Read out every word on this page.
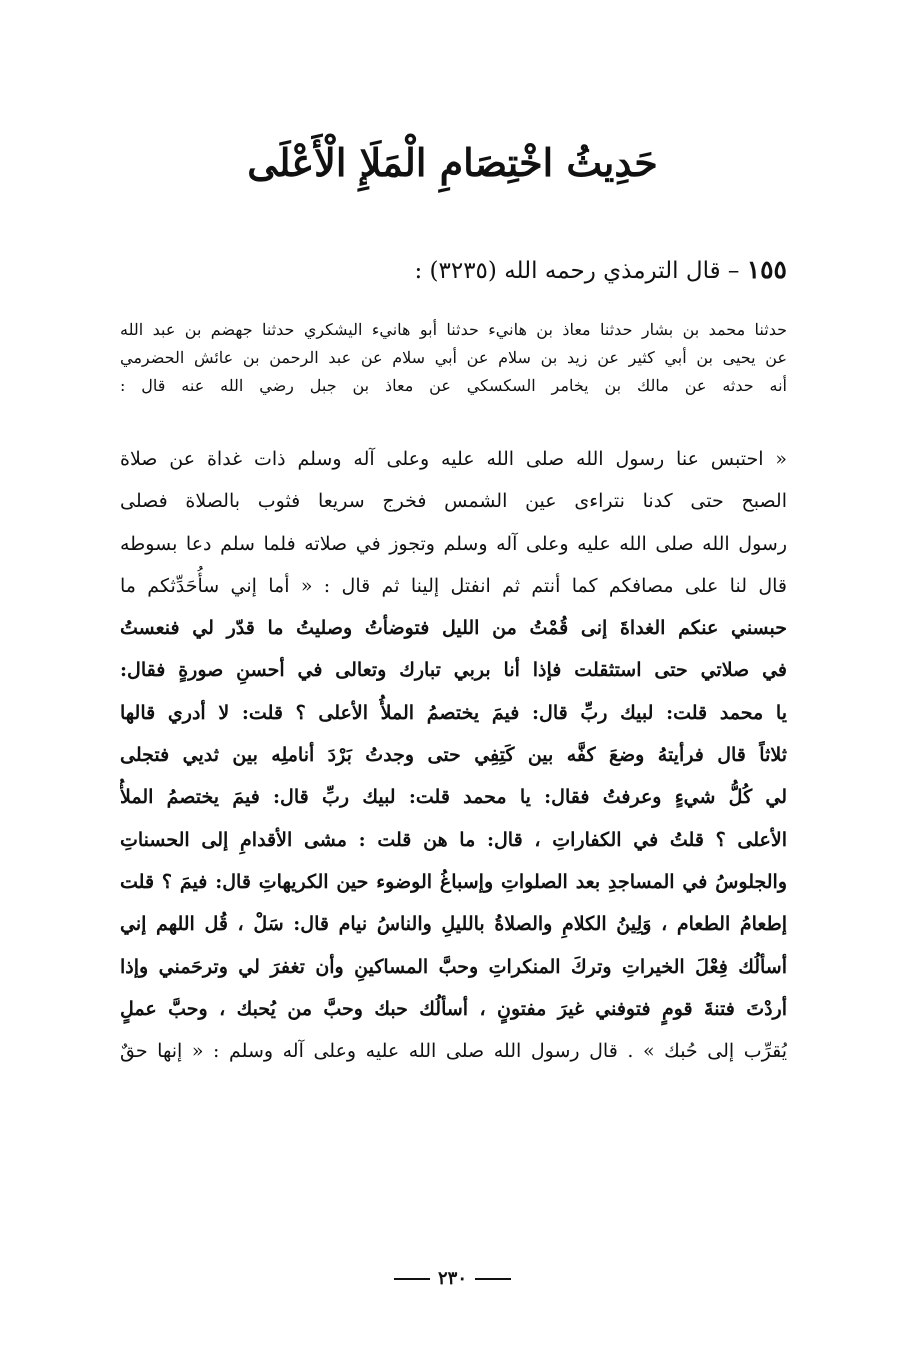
حَدِيثُ اخْتِصَامِ الْمَلَإِ الْأَعْلَى
١٥٥ – قال الترمذي رحمه الله (٣٢٣٥) :
حدثنا محمد بن بشار حدثنا معاذ بن هانيء حدثنا أبو هانيء اليشكري حدثنا جهضم بن عبد الله
عن يحيى بن أبي كثير عن زيد بن سلام عن أبي سلام عن عبد الرحمن بن عائش الحضرمي
أنه حدثه عن مالك بن يخامر السكسكي عن معاذ بن جبل رضي الله عنه قال :
« احتبس عنا رسول الله صلى الله عليه وعلى آله وسلم ذات غداة عن صلاة
الصبح حتى كدنا نتراءى عين الشمس فخرج سريعا فثوب بالصلاة فصلى
رسول الله صلى الله عليه وعلى آله وسلم وتجوز في صلاته فلما سلم دعا بسوطه
قال لنا على مصافكم كما أنتم ثم انفتل إلينا ثم قال : « أما إني سأُحَدِّثكم ما
حبسني عنكم الغداةَ إنى قُمْتُ من الليل فتوضأتُ وصليتُ ما قدّر لي فنعستُ
في صلاتي حتى استثقلت فإذا أنا بربي تبارك وتعالى في أحسنِ صورةٍ فقال:
يا محمد قلت: لبيك ربِّ قال: فيمَ يختصمُ الملأُ الأعلى ؟ قلت: لا أدري قالها
ثلاثاً قال فرأيتهُ وضعَ كفَّه بين كَتِفِي حتى وجدتُ بَرْدَ أناملِه بين ثديي فتجلى
لي كُلُّ شيءٍ وعرفتُ فقال: يا محمد قلت: لبيك ربِّ قال: فيمَ يختصمُ الملأُ
الأعلى ؟ قلتُ في الكفاراتِ ، قال: ما هن قلت : مشى الأقدامِ إلى الحسناتِ
والجلوسُ في المساجدِ بعد الصلواتِ وإسباغُ الوضوء حين الكريهاتِ قال: فيمَ ؟ قلت
إطعامُ الطعام ، وَلِينُ الكلامِ والصلاةُ بالليلِ والناسُ نيام قال: سَلْ ، قُل اللهم إني
أسألُك فِعْلَ الخيراتِ وتركَ المنكراتِ وحبَّ المساكينِ وأن تغفرَ لي وترحَمني وإذا
أردْتَ فتنةَ قومٍ فتوفني غيرَ مفتونٍ ، أسألُك حبك وحبَّ من يُحبك ، وحبَّ عملٍ
يُقرِّب إلى حُبك » . قال رسول الله صلى الله عليه وعلى آله وسلم : « إنها حقٌ
٢٣٠
